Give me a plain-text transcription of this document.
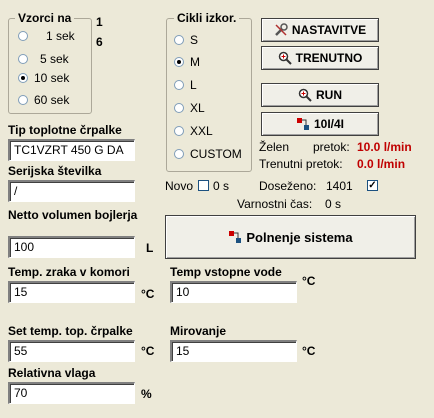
Vzorci na
1 sek
5 sek
10 sek
60 sek
1
6
Cikli izkor.
S
M
L
XL
XXL
CUSTOM
NASTAVITVE
TRENUTNO
RUN
10I/4I
Želen pretok: 10.0 l/min
Trenutni pretok: 0.0 l/min
Novo 0 s Doseženo: 1401 ✓
Varnostni čas: 0 s
Polnenje sistema
Tip toplotne črpalke
TC1VZRT 450 G DA
Serijska številka
/
Netto volumen bojlerja
100	L
Temp. zraka v komori
15	°C
Temp vstopne vode
10
°C
Set temp. top. črpalke
55	°C
Mirovanje
15	°C
Relativna vlaga
70	%
